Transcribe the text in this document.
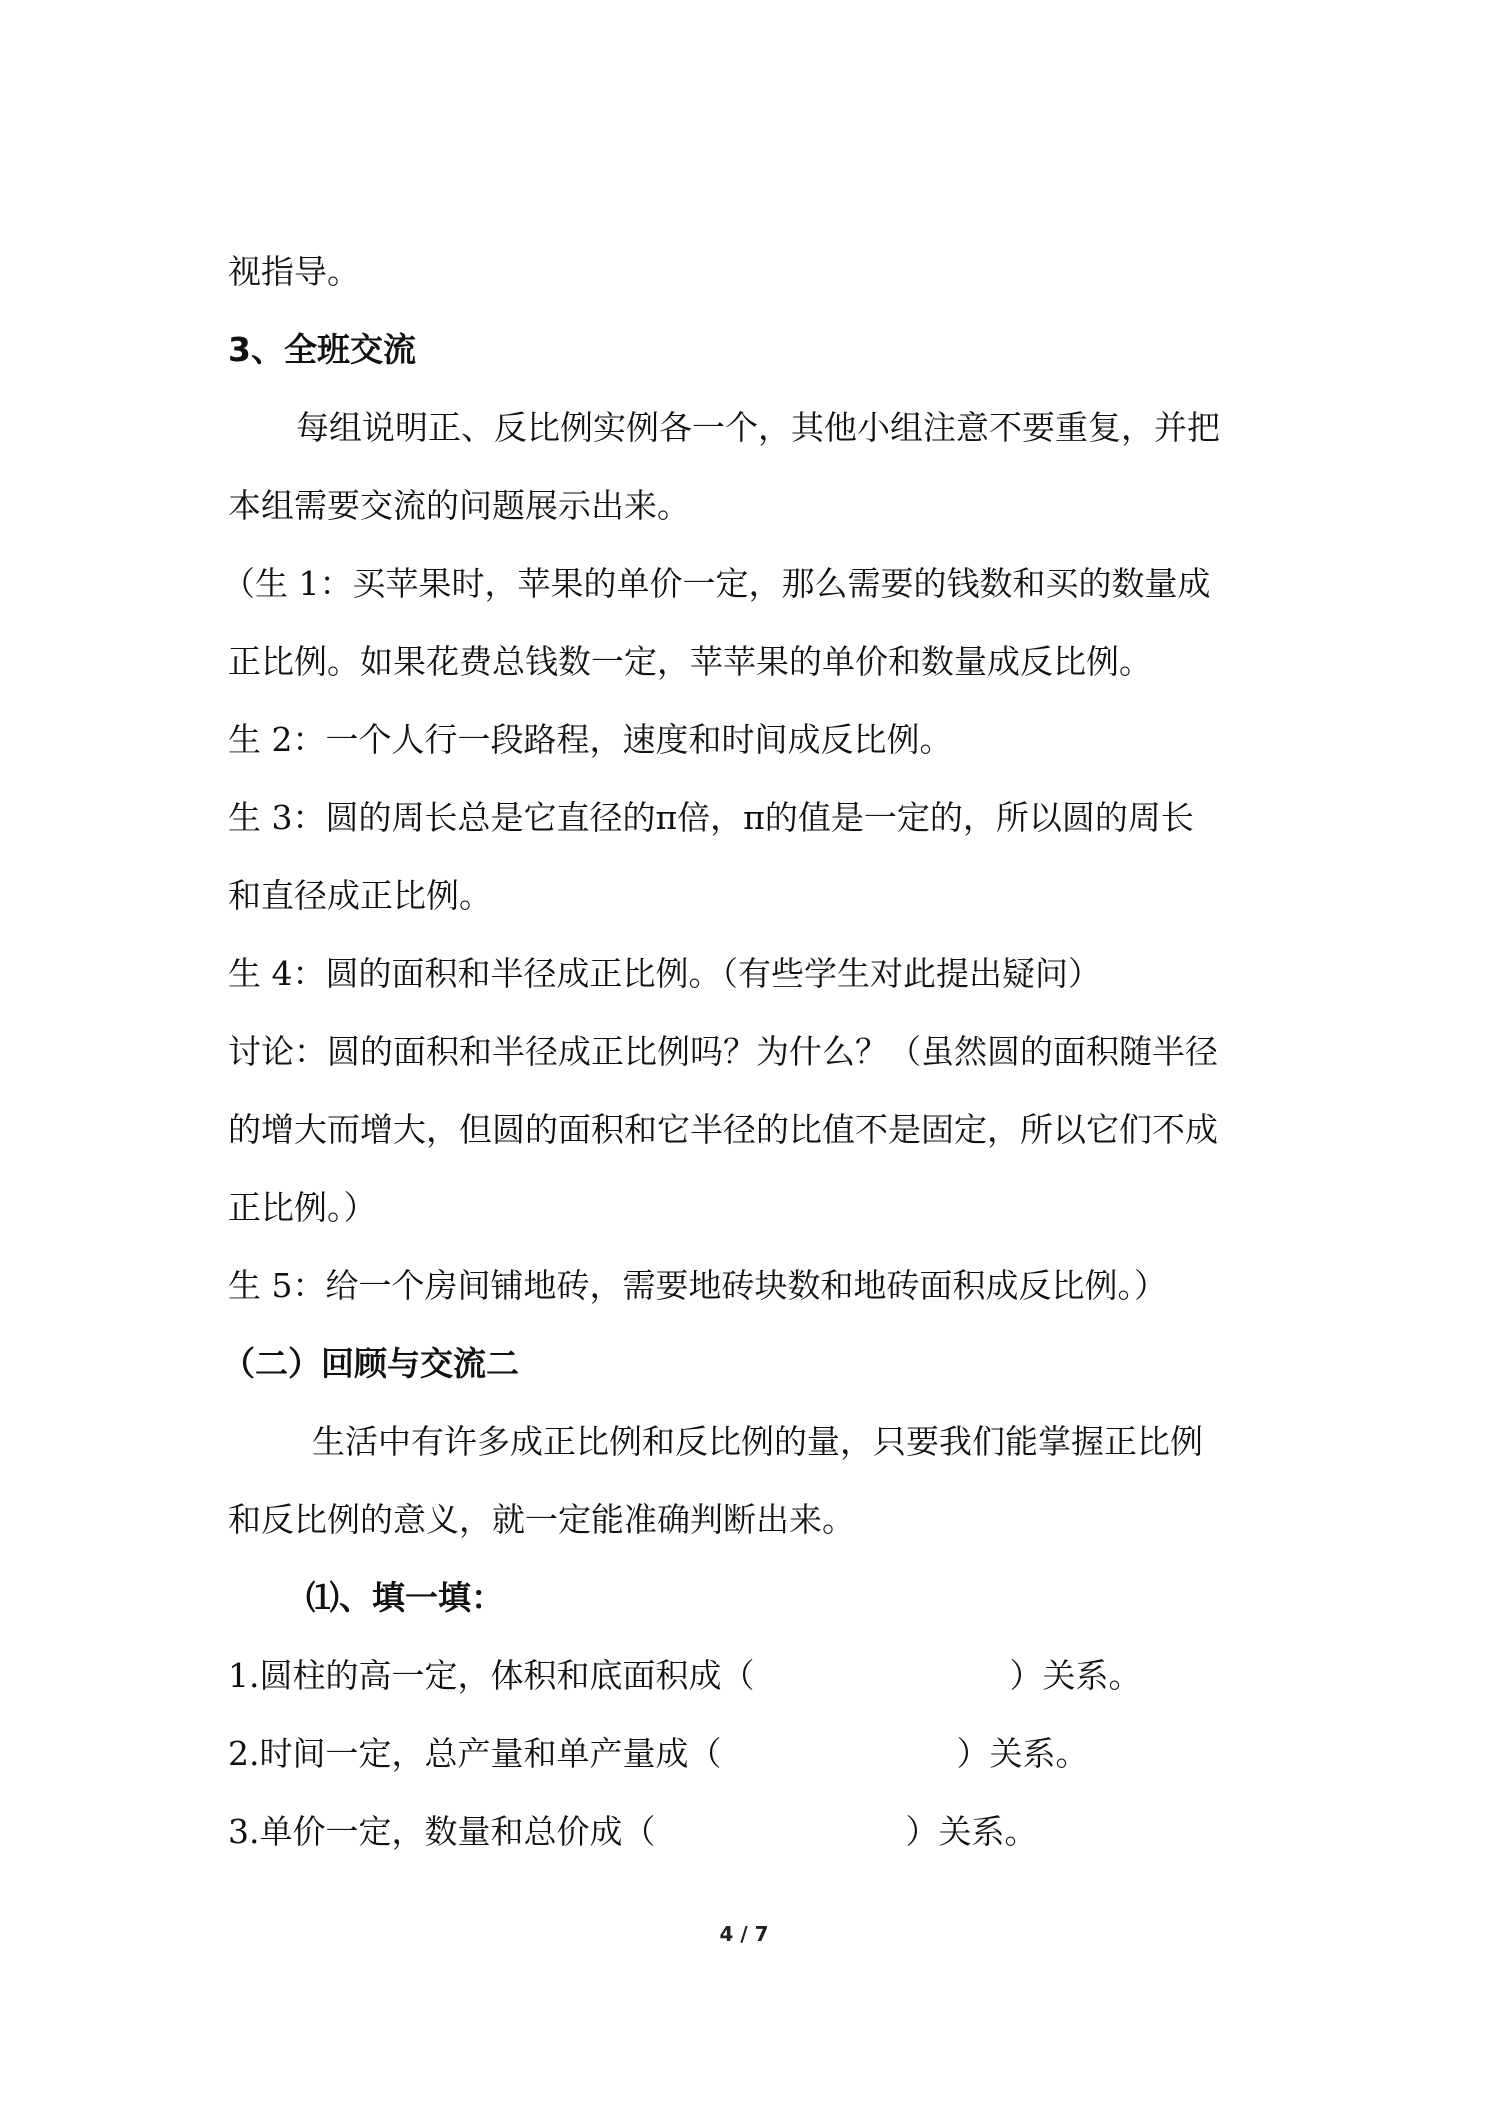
视指导。

3、全班交流

每组说明正、反比例实例各一个，其他小组注意不要重复，并把

本组需要交流的问题展示出来。

（生 1：买苹果时，苹果的单价一定，那么需要的钱数和买的数量成

正比例。如果花费总钱数一定，苹苹果的单价和数量成反比例。

生 2：一个人行一段路程，速度和时间成反比例。

生 3：圆的周长总是它直径的π倍，π的值是一定的，所以圆的周长

和直径成正比例。

生 4：圆的面积和半径成正比例。（有些学生对此提出疑问）

讨论：圆的面积和半径成正比例吗？为什么？（虽然圆的面积随半径

的增大而增大，但圆的面积和它半径的比值不是固定，所以它们不成

正比例。）

生 5：给一个房间铺地砖，需要地砖块数和地砖面积成反比例。）

（二）回顾与交流二

生活中有许多成正比例和反比例的量，只要我们能掌握正比例

和反比例的意义，就一定能准确判断出来。

⑴、填一填：

1.圆柱的高一定，体积和底面积成（	）关系。

2.时间一定，总产量和单产量成（	）关系。

3.单价一定，数量和总价成（	）关系。

4 / 7
